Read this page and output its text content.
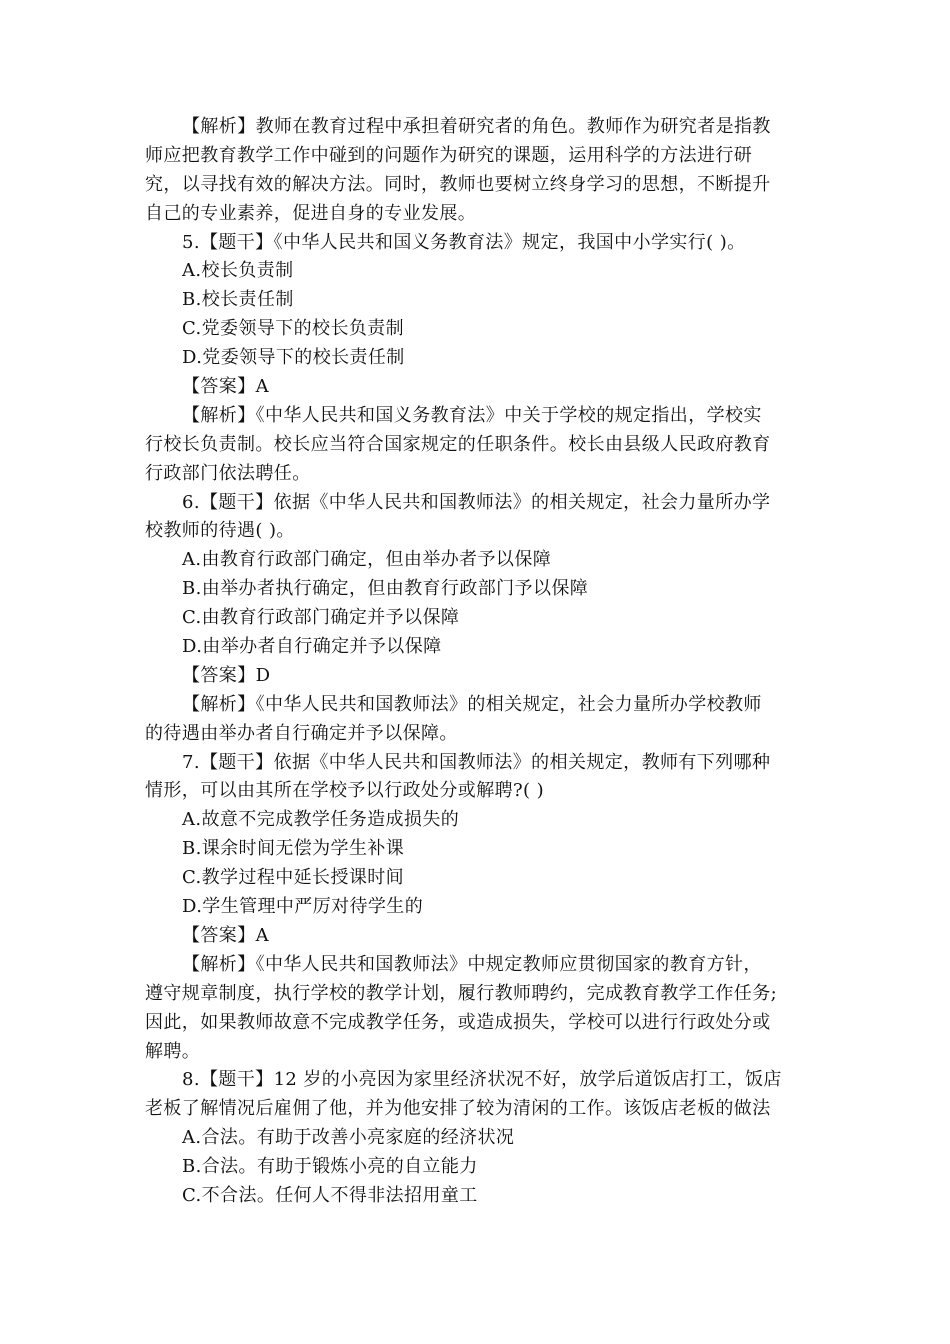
【解析】教师在教育过程中承担着研究者的角色。教师作为研究者是指教
师应把教育教学工作中碰到的问题作为研究的课题，运用科学的方法进行研
究，以寻找有效的解决方法。同时，教师也要树立终身学习的思想，不断提升
自己的专业素养，促进自身的专业发展。
5.【题干】《中华人民共和国义务教育法》规定，我国中小学实行( )。
A.校长负责制
B.校长责任制
C.党委领导下的校长负责制
D.党委领导下的校长责任制
【答案】A
【解析】《中华人民共和国义务教育法》中关于学校的规定指出，学校实
行校长负责制。校长应当符合国家规定的任职条件。校长由县级人民政府教育
行政部门依法聘任。
6.【题干】依据《中华人民共和国教师法》的相关规定，社会力量所办学
校教师的待遇( )。
A.由教育行政部门确定，但由举办者予以保障
B.由举办者执行确定，但由教育行政部门予以保障
C.由教育行政部门确定并予以保障
D.由举办者自行确定并予以保障
【答案】D
【解析】《中华人民共和国教师法》的相关规定，社会力量所办学校教师
的待遇由举办者自行确定并予以保障。
7.【题干】依据《中华人民共和国教师法》的相关规定，教师有下列哪种
情形，可以由其所在学校予以行政处分或解聘?( )
A.故意不完成教学任务造成损失的
B.课余时间无偿为学生补课
C.教学过程中延长授课时间
D.学生管理中严厉对待学生的
【答案】A
【解析】《中华人民共和国教师法》中规定教师应贯彻国家的教育方针，
遵守规章制度，执行学校的教学计划，履行教师聘约，完成教育教学工作任务;
因此，如果教师故意不完成教学任务，或造成损失，学校可以进行行政处分或
解聘。
8.【题干】12 岁的小亮因为家里经济状况不好，放学后道饭店打工，饭店
老板了解情况后雇佣了他，并为他安排了较为清闲的工作。该饭店老板的做法
A.合法。有助于改善小亮家庭的经济状况
B.合法。有助于锻炼小亮的自立能力
C.不合法。任何人不得非法招用童工
